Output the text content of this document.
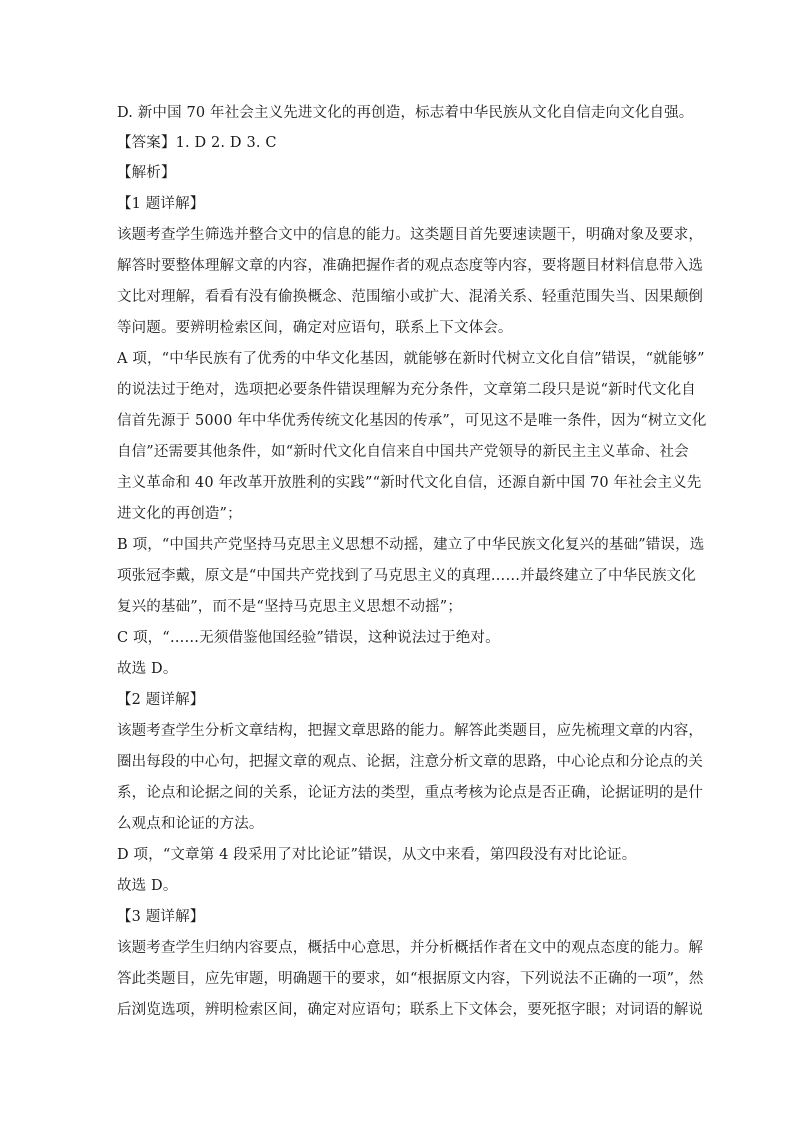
D. 新中国 70 年社会主义先进文化的再创造，标志着中华民族从文化自信走向文化自强。
【答案】1. D 2. D 3. C
【解析】
【1 题详解】
该题考查学生筛选并整合文中的信息的能力。这类题目首先要速读题干，明确对象及要求，
解答时要整体理解文章的内容，准确把握作者的观点态度等内容，要将题目材料信息带入选
文比对理解，看看有没有偷换概念、范围缩小或扩大、混淆关系、轻重范围失当、因果颠倒
等问题。要辨明检索区间，确定对应语句，联系上下文体会。
A 项，“中华民族有了优秀的中华文化基因，就能够在新时代树立文化自信”错误，“就能够”
的说法过于绝对，选项把必要条件错误理解为充分条件，文章第二段只是说“新时代文化自
信首先源于 5000 年中华优秀传统文化基因的传承”，可见这不是唯一条件，因为“树立文化
自信”还需要其他条件，如“新时代文化自信来自中国共产党领导的新民主主义革命、社会
主义革命和 40 年改革开放胜利的实践”“新时代文化自信，还源自新中国 70 年社会主义先
进文化的再创造”；
B 项，“中国共产党坚持马克思主义思想不动摇，建立了中华民族文化复兴的基础”错误，选
项张冠李戴，原文是“中国共产党找到了马克思主义的真理……并最终建立了中华民族文化
复兴的基础”，而不是“坚持马克思主义思想不动摇”；
C 项，“……无须借鉴他国经验”错误，这种说法过于绝对。
故选 D。
【2 题详解】
该题考查学生分析文章结构，把握文章思路的能力。解答此类题目，应先梳理文章的内容，
圈出每段的中心句，把握文章的观点、论据，注意分析文章的思路，中心论点和分论点的关
系，论点和论据之间的关系，论证方法的类型，重点考核为论点是否正确，论据证明的是什
么观点和论证的方法。
D 项，“文章第 4 段采用了对比论证”错误，从文中来看，第四段没有对比论证。
故选 D。
【3 题详解】
该题考查学生归纳内容要点，概括中心意思，并分析概括作者在文中的观点态度的能力。解
答此类题目，应先审题，明确题干的要求，如“根据原文内容，下列说法不正确的一项”，然
后浏览选项，辨明检索区间，确定对应语句；联系上下文体会，要死抠字眼；对词语的解说
